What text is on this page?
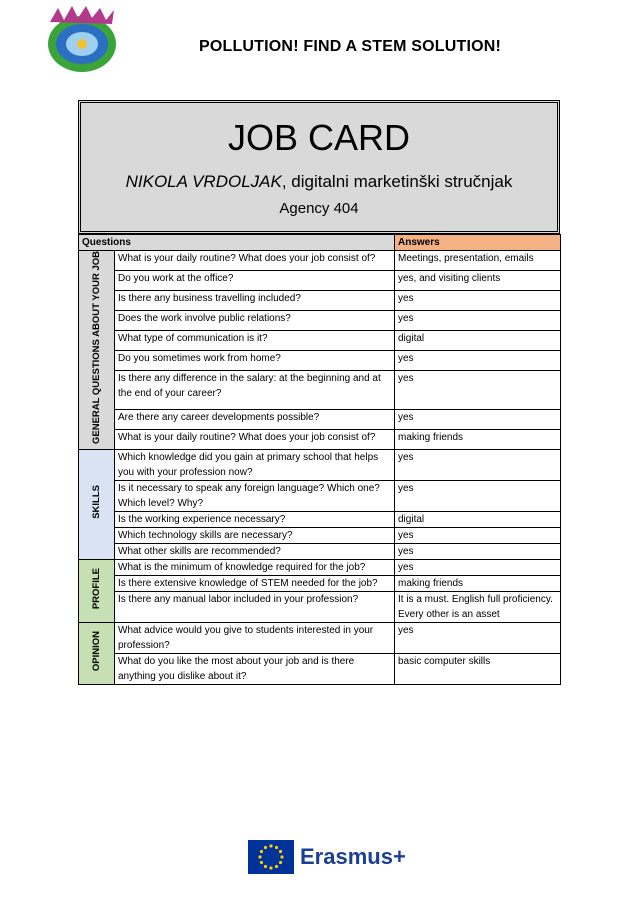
POLLUTION! FIND A STEM SOLUTION!
JOB CARD
NIKOLA VRDOLJAK, digitalni marketinški stručnjak
Agency 404
Questions		Answers
GENERAL QUESTIONS ABOUT YOUR JOB	What is your daily routine? What does your job consist of?	Meetings, presentation, emails
	Do you work at the office?	yes, and visiting clients
	Is there any business travelling included?	yes
	Does the work involve public relations?	yes
	What type of communication is it?	digital
	Do you sometimes work from home?	yes
	Is there any difference in the salary: at the beginning and at the end of your career?	yes
	Are there any career developments possible?	yes
	What is your daily routine? What does your job consist of?	making friends
SKILLS	Which knowledge did you gain at primary school that helps you with your profession now?	yes
	Is it necessary to speak any foreign language? Which one? Which level? Why?	yes
	Is the working experience necessary?	digital
	Which technology skills are necessary?	yes
	What other skills are recommended?	yes
PROFILE	What is the minimum of knowledge required for the job?	yes
	Is there extensive knowledge of STEM needed for the job?	making friends
	Is there any manual labor included in your profession?	It is a must. English full proficiency. Every other is an asset
OPINION	What advice would you give to students interested in your profession?	yes
	What do you like the most about your job and is there anything you dislike about it?	basic computer skills
Erasmus+
